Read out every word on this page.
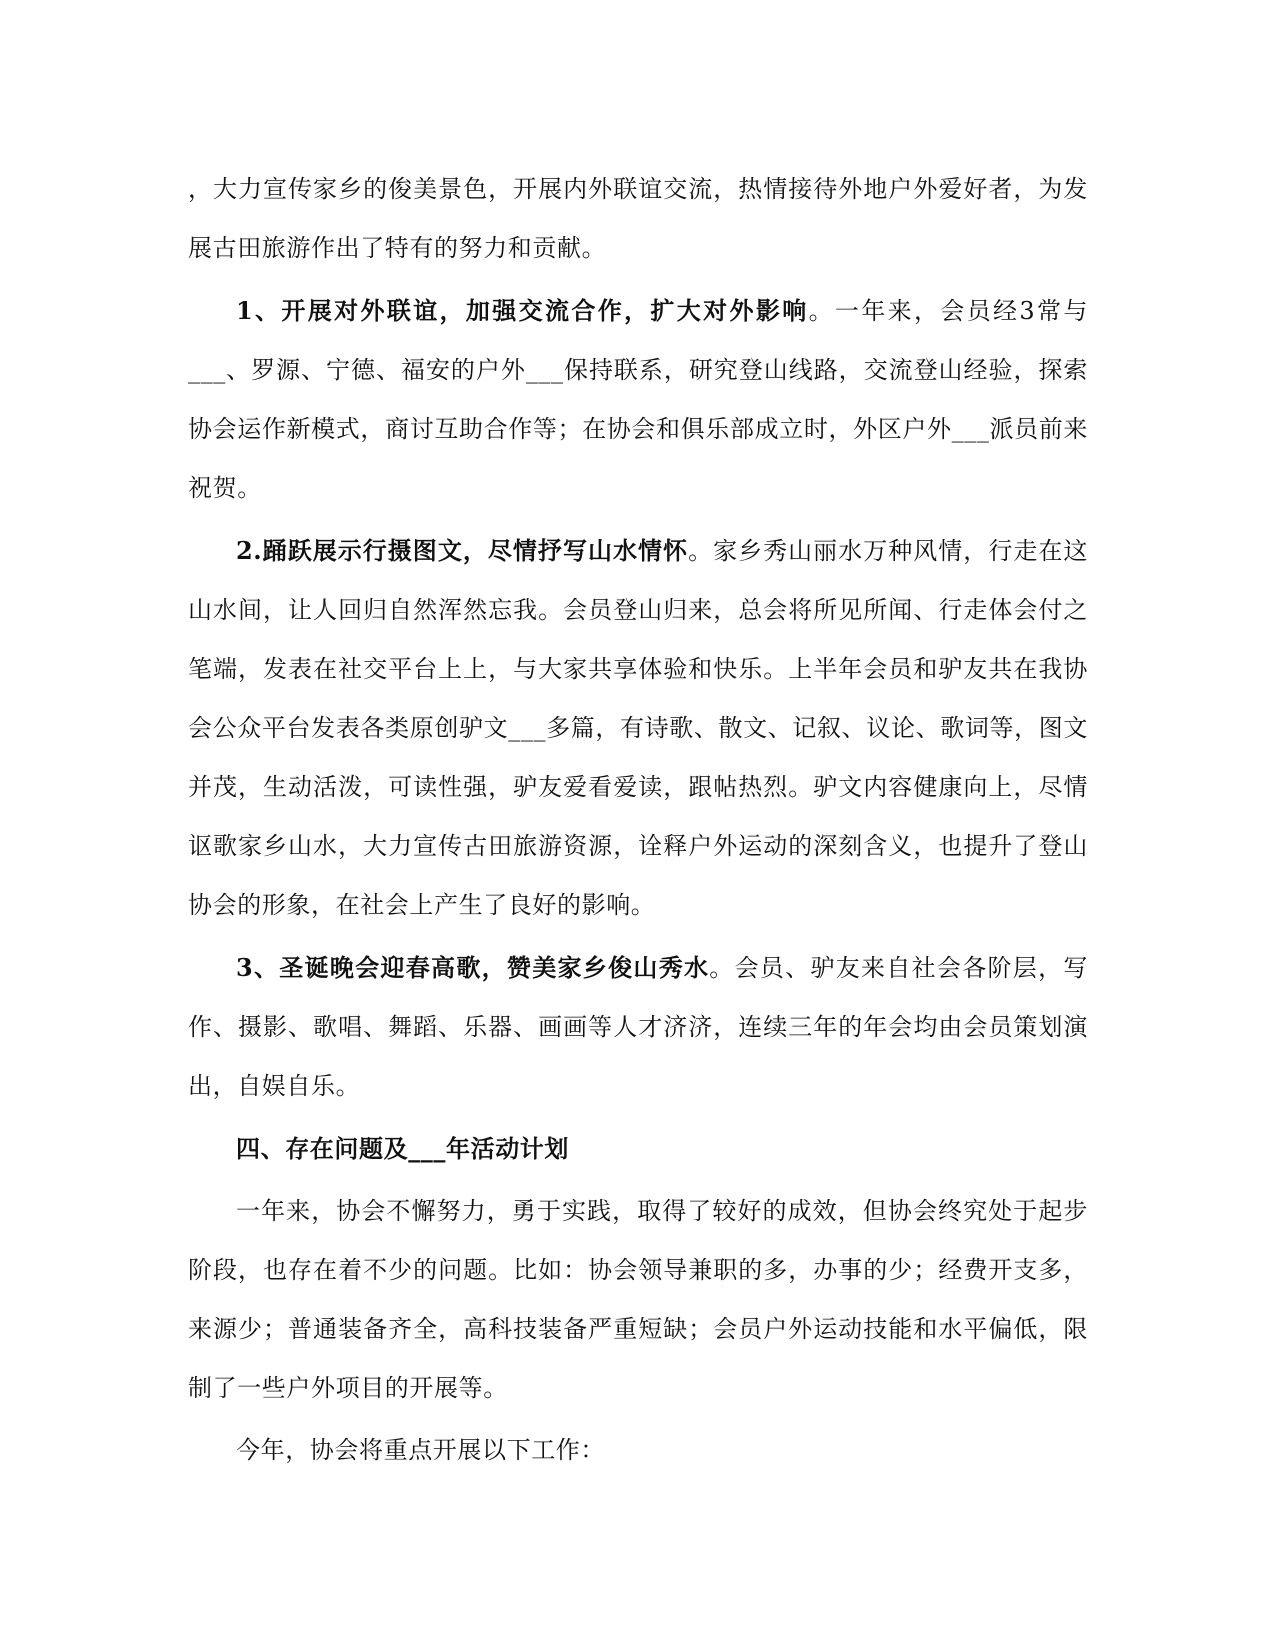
，大力宣传家乡的俊美景色，开展内外联谊交流，热情接待外地户外爱好者，为发展古田旅游作出了特有的努力和贡献。

1、开展对外联谊，加强交流合作，扩大对外影响。一年来，会员经3常与___、罗源、宁德、福安的户外___保持联系，研究登山线路，交流登山经验，探索协会运作新模式，商讨互助合作等；在协会和俱乐部成立时，外区户外___派员前来祝贺。

2.踊跃展示行摄图文，尽情抒写山水情怀。家乡秀山丽水万种风情，行走在这山水间，让人回归自然浑然忘我。会员登山归来，总会将所见所闻、行走体会付之笔端，发表在社交平台上上，与大家共享体验和快乐。上半年会员和驴友共在我协会公众平台发表各类原创驴文___多篇，有诗歌、散文、记叙、议论、歌词等，图文并茂，生动活泼，可读性强，驴友爱看爱读，跟帖热烈。驴文内容健康向上，尽情讴歌家乡山水，大力宣传古田旅游资源，诠释户外运动的深刻含义，也提升了登山协会的形象，在社会上产生了良好的影响。

3、圣诞晚会迎春高歌，赞美家乡俊山秀水。会员、驴友来自社会各阶层，写作、摄影、歌唱、舞蹈、乐器、画画等人才济济，连续三年的年会均由会员策划演出，自娱自乐。

四、存在问题及___年活动计划

一年来，协会不懈努力，勇于实践，取得了较好的成效，但协会终究处于起步阶段，也存在着不少的问题。比如：协会领导兼职的多，办事的少；经费开支多，来源少；普通装备齐全，高科技装备严重短缺；会员户外运动技能和水平偏低，限制了一些户外项目的开展等。

今年，协会将重点开展以下工作：
